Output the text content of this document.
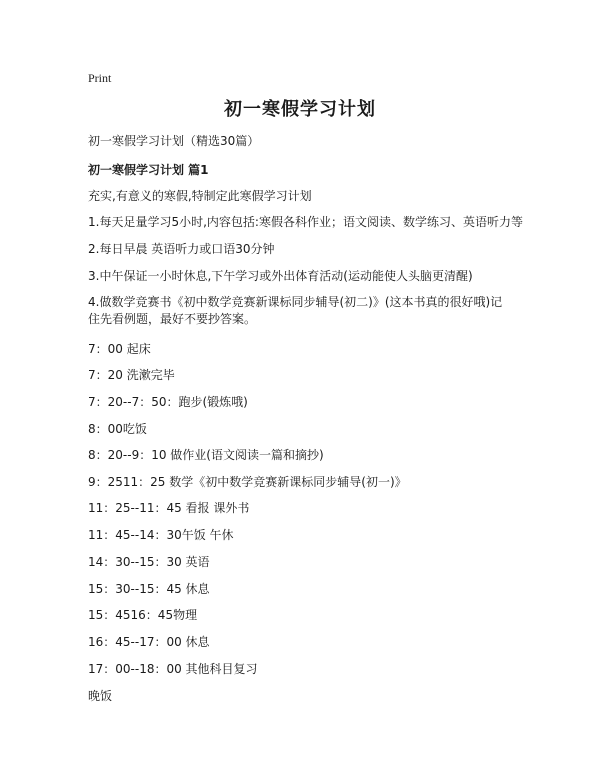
Print
初一寒假学习计划
初一寒假学习计划（精选30篇）
初一寒假学习计划 篇1
充实,有意义的寒假,特制定此寒假学习计划
1.每天足量学习5小时,内容包括:寒假各科作业；语文阅读、数学练习、英语听力等
2.每日早晨 英语听力或口语30分钟
3.中午保证一小时休息,下午学习或外出体育活动(运动能使人头脑更清醒)
4.做数学竞赛书《初中数学竞赛新课标同步辅导(初二)》(这本书真的很好哦)记住先看例题，最好不要抄答案。
7：00 起床
7：20 洗漱完毕
7：20--7：50：跑步(锻炼哦)
8：00吃饭
8：20--9：10 做作业(语文阅读一篇和摘抄)
9：2511：25 数学《初中数学竞赛新课标同步辅导(初一)》
11：25--11：45 看报 课外书
11：45--14：30午饭 午休
14：30--15：30 英语
15：30--15：45 休息
15：4516：45物理
16：45--17：00 休息
17：00--18：00 其他科目复习
晚饭
